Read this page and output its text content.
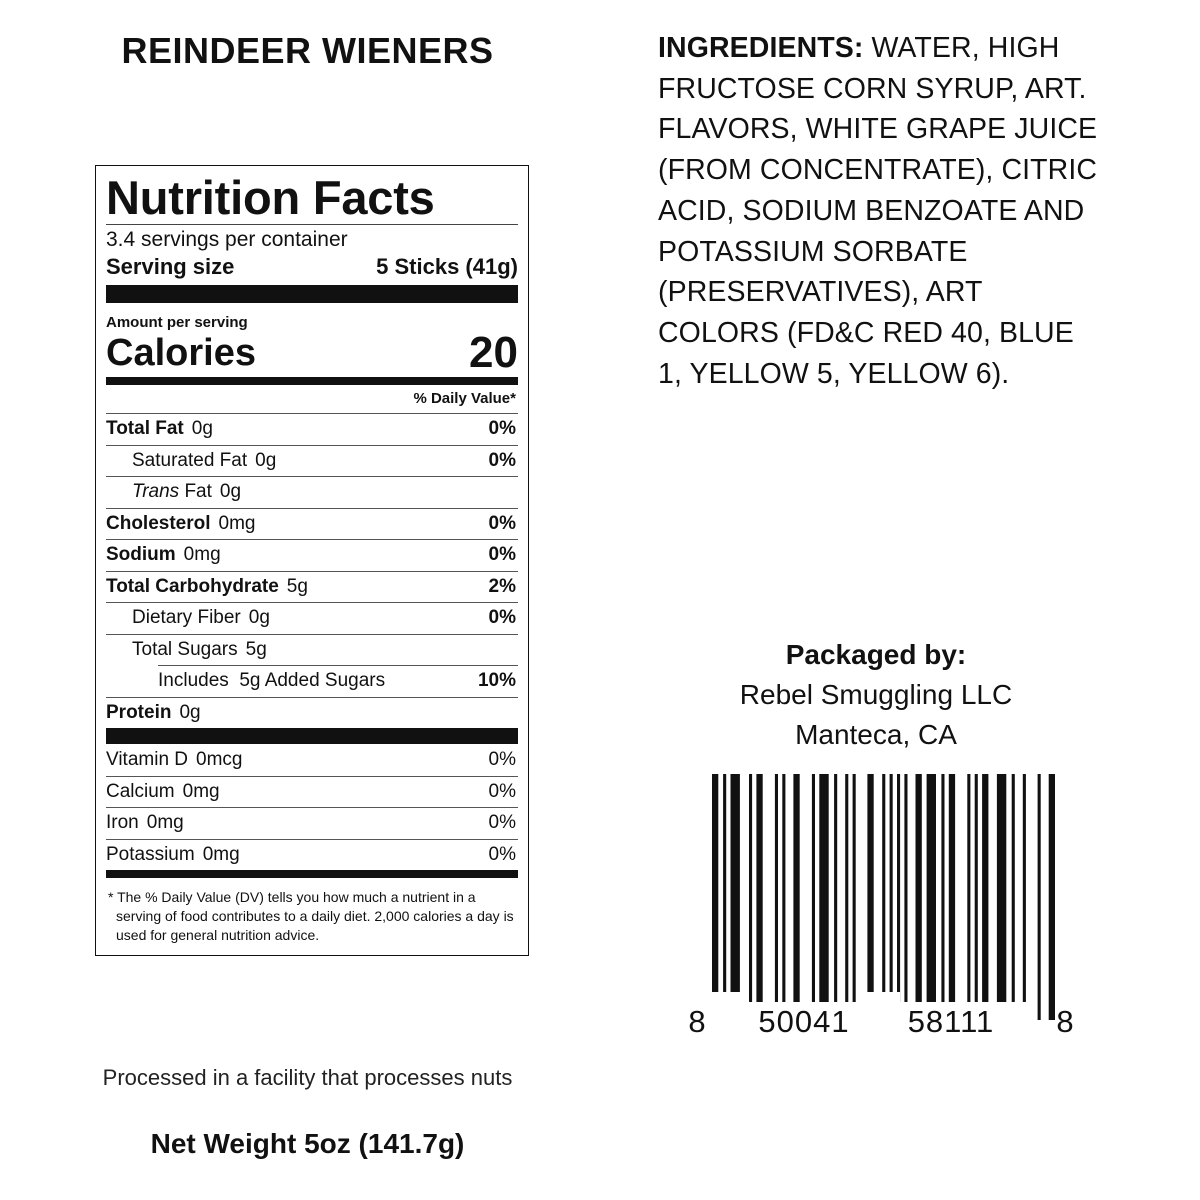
REINDEER WIENERS
Nutrition Facts
3.4 servings per container
Serving size	5 Sticks (41g)
Amount per serving
Calories	20
% Daily Value*
Total Fat 0g	0%
Saturated Fat 0g	0%
Trans Fat 0g
Cholesterol 0mg	0%
Sodium 0mg	0%
Total Carbohydrate 5g	2%
Dietary Fiber 0g	0%
Total Sugars 5g
Includes  5g Added Sugars	10%
Protein 0g
Vitamin D 0mcg	0%
Calcium 0mg	0%
Iron 0mg	0%
Potassium 0mg	0%
* The % Daily Value (DV) tells you how much a nutrient in a serving of food contributes to a daily diet. 2,000 calories a day is used for general nutrition advice.
INGREDIENTS: WATER, HIGH FRUCTOSE CORN SYRUP, ART. FLAVORS, WHITE GRAPE JUICE (FROM CONCENTRATE), CITRIC ACID, SODIUM BENZOATE AND POTASSIUM SORBATE (PRESERVATIVES), ART COLORS (FD&C RED 40, BLUE 1, YELLOW 5, YELLOW 6).
Packaged by:
Rebel Smuggling LLC
Manteca, CA
8 50041 58111 8
Processed in a facility that processes nuts
Net Weight 5oz (141.7g)
